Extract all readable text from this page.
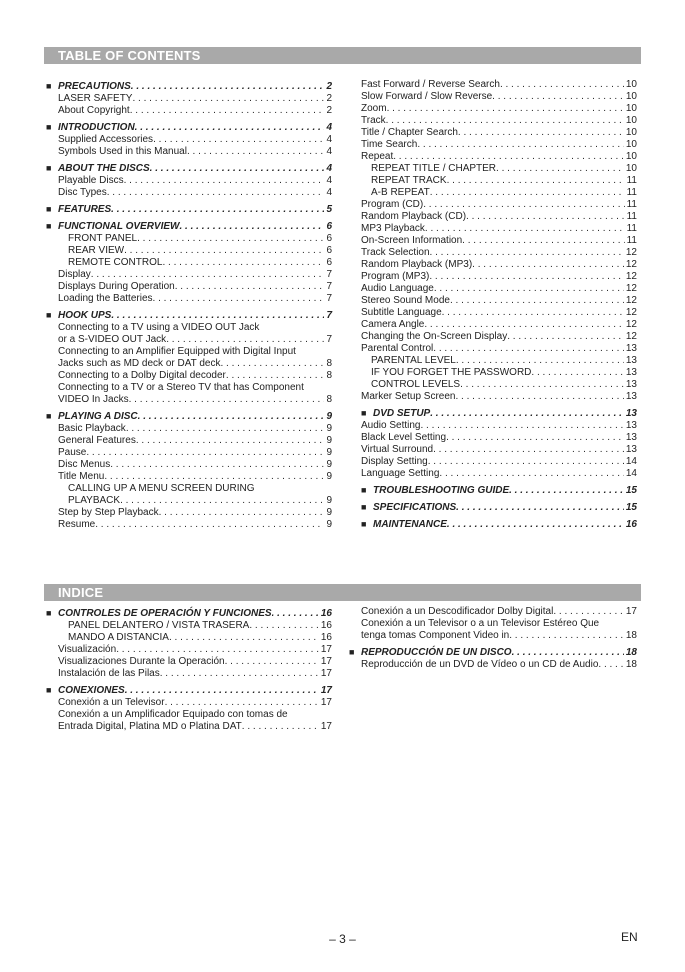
TABLE OF CONTENTS
■ PRECAUTIONS . . .	2
LASER SAFETY . . .	2
About Copyright . . .	2
■ INTRODUCTION . . .	4
Supplied Accessories . . .	4
Symbols Used in this Manual . . .	4
■ ABOUT THE DISCS . . .	4
Playable Discs . . .	4
Disc Types . . .	4
■ FEATURES . . .	5
■ FUNCTIONAL OVERVIEW . . .	6
FRONT PANEL . . .	6
REAR VIEW . . .	6
REMOTE CONTROL . . .	6
Display . . .	7
Displays During Operation . . .	7
Loading the Batteries . . .	7
■ HOOK UPS . . .	7
Connecting to a TV using a VIDEO OUT Jack
or a S-VIDEO OUT Jack . . .	7
Connecting to an Amplifier Equipped with Digital Input
Jacks such as MD deck or DAT deck . . .	8
Connecting to a Dolby Digital decoder . . .	8
Connecting to a TV or a Stereo TV that has Component
VIDEO In Jacks . . .	8
■ PLAYING A DISC . . .	9
Basic Playback . . .	9
General Features . . .	9
Pause . . .	9
Disc Menus . . .	9
Title Menu . . .	9
CALLING UP A MENU SCREEN DURING
PLAYBACK . . .	9
Step by Step Playback . . .	9
Resume . . .	9
Fast Forward / Reverse Search . . .	10
Slow Forward / Slow Reverse . . .	10
Zoom . . .	10
Track . . .	10
Title / Chapter Search . . .	10
Time Search . . .	10
Repeat . . .	10
REPEAT TITLE / CHAPTER . . .	10
REPEAT TRACK . . .	11
A-B REPEAT . . .	11
Program (CD) . . .	11
Random Playback (CD) . . .	11
MP3 Playback . . .	11
On-Screen Information . . .	11
Track Selection . . .	12
Random Playback (MP3) . . .	12
Program (MP3) . . .	12
Audio Language . . .	12
Stereo Sound Mode . . .	12
Subtitle Language . . .	12
Camera Angle . . .	12
Changing the On-Screen Display . . .	12
Parental Control . . .	13
PARENTAL LEVEL . . .	13
IF YOU FORGET THE PASSWORD . . .	13
CONTROL LEVELS . . .	13
Marker Setup Screen . . .	13
■ DVD SETUP . . .	13
Audio Setting . . .	13
Black Level Setting . . .	13
Virtual Surround . . .	13
Display Setting . . .	14
Language Setting . . .	14
■ TROUBLESHOOTING GUIDE . . .	15
■ SPECIFICATIONS . . .	15
■ MAINTENANCE . . .	16
INDICE
■ CONTROLES DE OPERACIÓN Y FUNCIONES . . .	16
PANEL DELANTERO / VISTA TRASERA . . .	16
MANDO A DISTANCIA . . .	16
Visualización . . .	17
Visualizaciones Durante la Operación . . .	17
Instalación de las Pilas . . .	17
■ CONEXIONES . . .	17
Conexión a un Televisor . . .	17
Conexión a un Amplificador Equipado con tomas de
Entrada Digital, Platina MD o Platina DAT . . .	17
Conexión a un Descodificador Dolby Digital . . .	17
Conexión a un Televisor o a un Televisor Estéreo Que
tenga tomas Component Video in . . .	18
■ REPRODUCCIÓN DE UN DISCO . . .	18
Reproducción de un DVD de Vídeo o un CD de Audio . . .	18
– 3 –	EN
